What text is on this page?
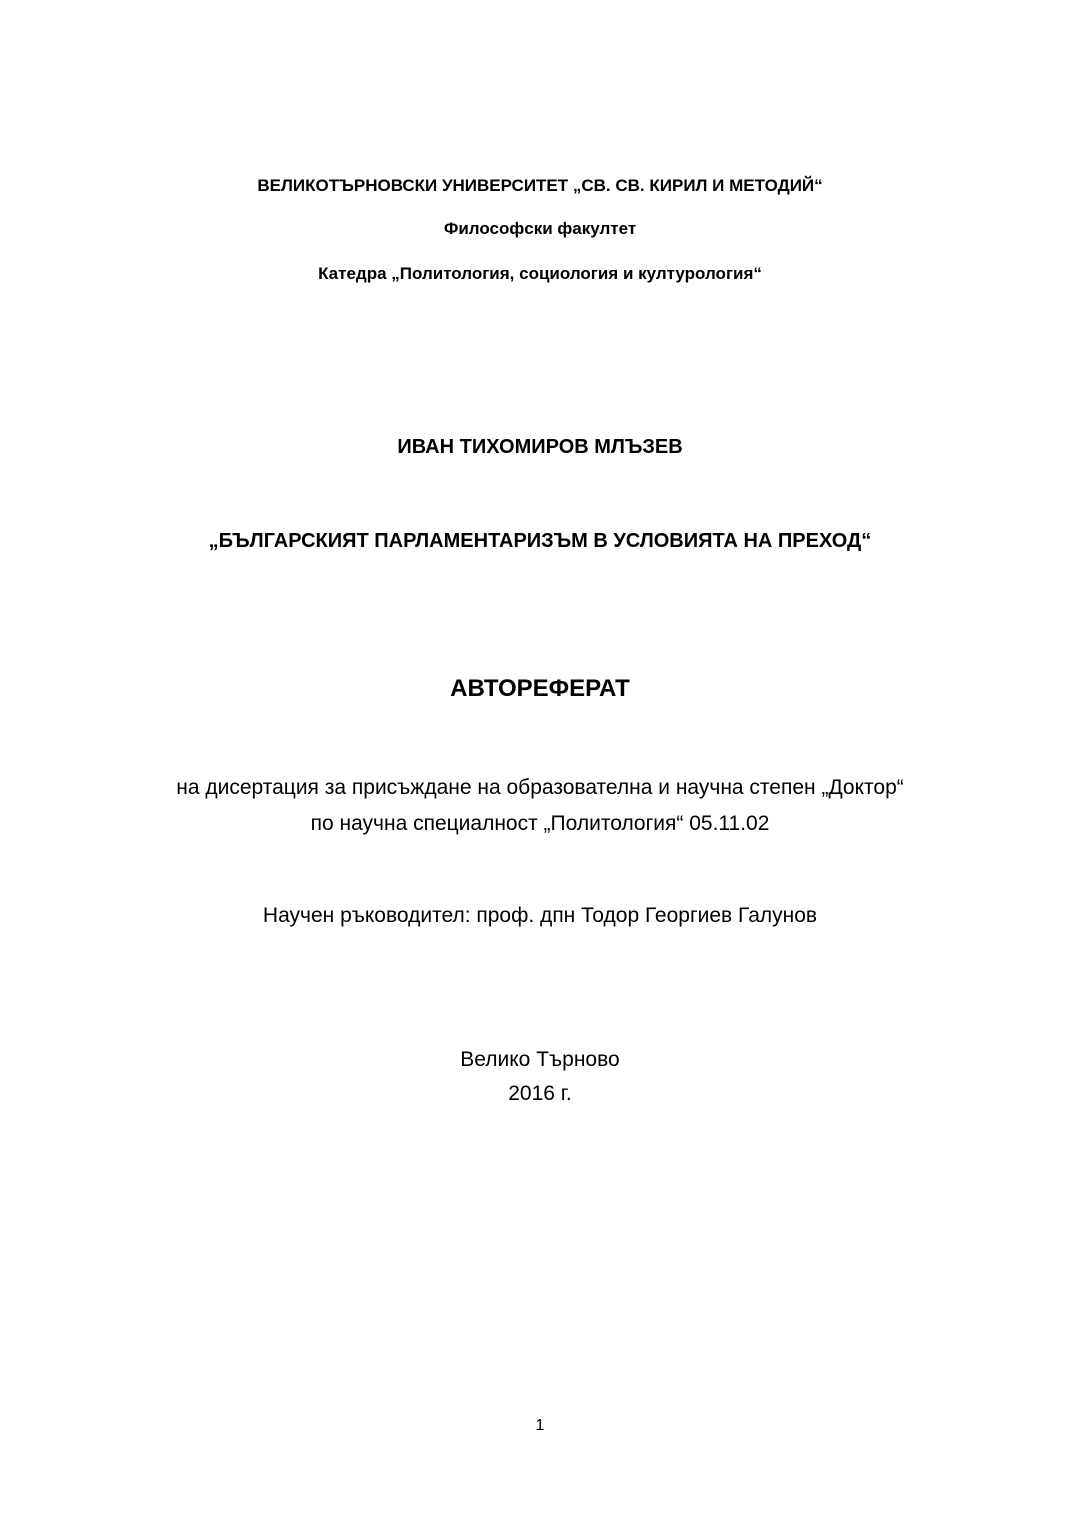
ВЕЛИКОТЪРНОВСКИ УНИВЕРСИТЕТ „СВ. СВ. КИРИЛ И МЕТОДИЙ“
Философски факултет
Катедра „Политология, социология и културология“
ИВАН ТИХОМИРОВ МЛЪЗЕВ
„БЪЛГАРСКИЯТ ПАРЛАМЕНТАРИЗЪМ В УСЛОВИЯТА НА ПРЕХОД“
АВТОРЕФЕРАТ
на дисертация за присъждане на образователна и научна степен „Доктор“
по научна специалност „Политология“ 05.11.02
Научен ръководител: проф. дпн Тодор Георгиев Галунов
Велико Търново
2016 г.
1
